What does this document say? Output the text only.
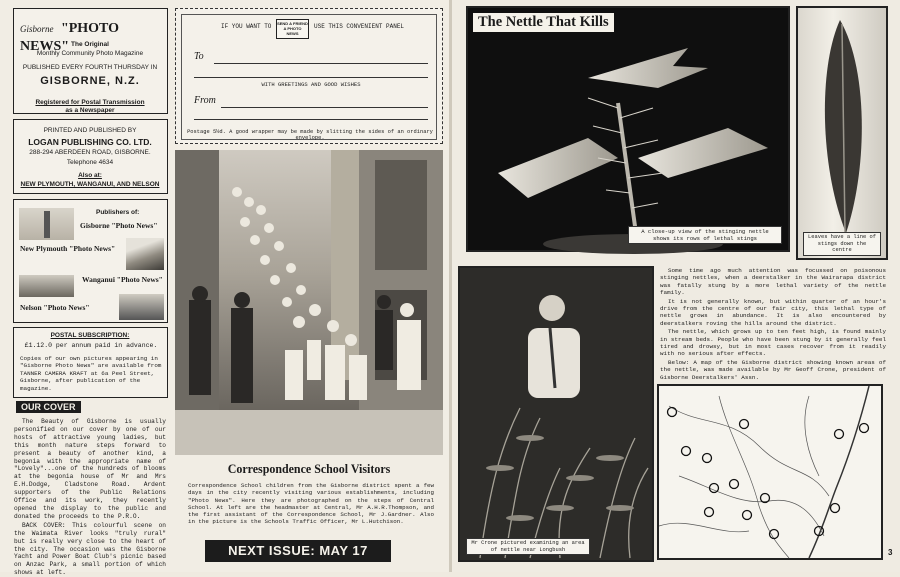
Gisborne "PHOTO NEWS" The Original
Monthly Community Photo Magazine
PUBLISHED EVERY FOURTH THURSDAY IN
GISBORNE, N.Z.
Registered for Postal Transmission
as a Newspaper
PRINTED AND PUBLISHED BY
LOGAN PUBLISHING CO. LTD.
288-294 ABERDEEN ROAD, GISBORNE.
Telephone 4634
Also at:
NEW PLYMOUTH, WANGANUI, AND NELSON
Publishers of:
Gisborne "Photo News"
New Plymouth "Photo News"
Wanganui "Photo News"
Nelson "Photo News"
POSTAL SUBSCRIPTION:
£1.12.0 per annum paid in advance.
Copies of our own pictures appearing in "Gisborne Photo News" are available from TANNER CAMERA KRAFT at 6a Peel Street, Gisborne, after publication of the magazine.
OUR COVER

The Beauty of Gisborne is usually personified on our cover by one of our hosts of attractive young ladies, but this month nature steps forward to present a beauty of another kind, a begonia with the appropriate name of "Lovely"...one of the hundreds of blooms at the begonia house of Mr and Mrs E.H.Dodge, Cladstone Road. Ardent supporters of the Public Relations Office and its work, they recently opened the display to the public and donated the proceeds to the P.R.O.

BACK COVER: This colourful scene on the Waimata River looks "truly rural" but is really very close to the heart of the city. The occasion was the Gisborne Yacht and Power Boat Club's picnic based on Anzac Park, a small portion of which shows at left.

IF YOU WANT TO SEND A FRIEND A PHOTO NEWS
USE THIS CONVENIENT PANEL
To
WITH GREETINGS AND GOOD WISHES
From
Postage 5½d. A good wrapper may be made by slitting the sides of an ordinary envelope.
Correspondence School Visitors
Correspondence School children from the Gisborne district spent a few days in the city recently visiting various establishments, including "Photo News". Here they are photographed on the steps of Central School. At left are the headmaster at Central, Mr A.H.R.Thompson, and the first assistant of the Correspondence School, Mr J.Gardner. Also in the picture is the Schools Traffic Officer, Mr L.Hutchison.
NEXT ISSUE: MAY 17
The Nettle That Kills
A close-up view of the stinging nettle shows its rows of lethal stings	Leaves have a line of stings down the centre
Mr Crone pictured examining an area of nettle near Longbush

Some time ago much attention was focussed on poisonous stinging nettles, when a deerstalker in the Wairarapa district was fatally stung by a more lethal variety of the nettle family.

It is not generally known, but within quarter of an hour's drive from the centre of our fair city, this lethal type of nettle grows in abundance. It is also encountered by deerstalkers roving the hills around the district.

The nettle, which grows up to ten feet high, is found mainly in stream beds. People who have been stung by it generally feel tired and drowsy, but in most cases recover from it readily with no serious after effects.

Below: A map of the Gisborne district showing known areas of the nettle, was made available by Mr Geoff Crone, president of Gisborne Deerstalkers' Assn.

3
